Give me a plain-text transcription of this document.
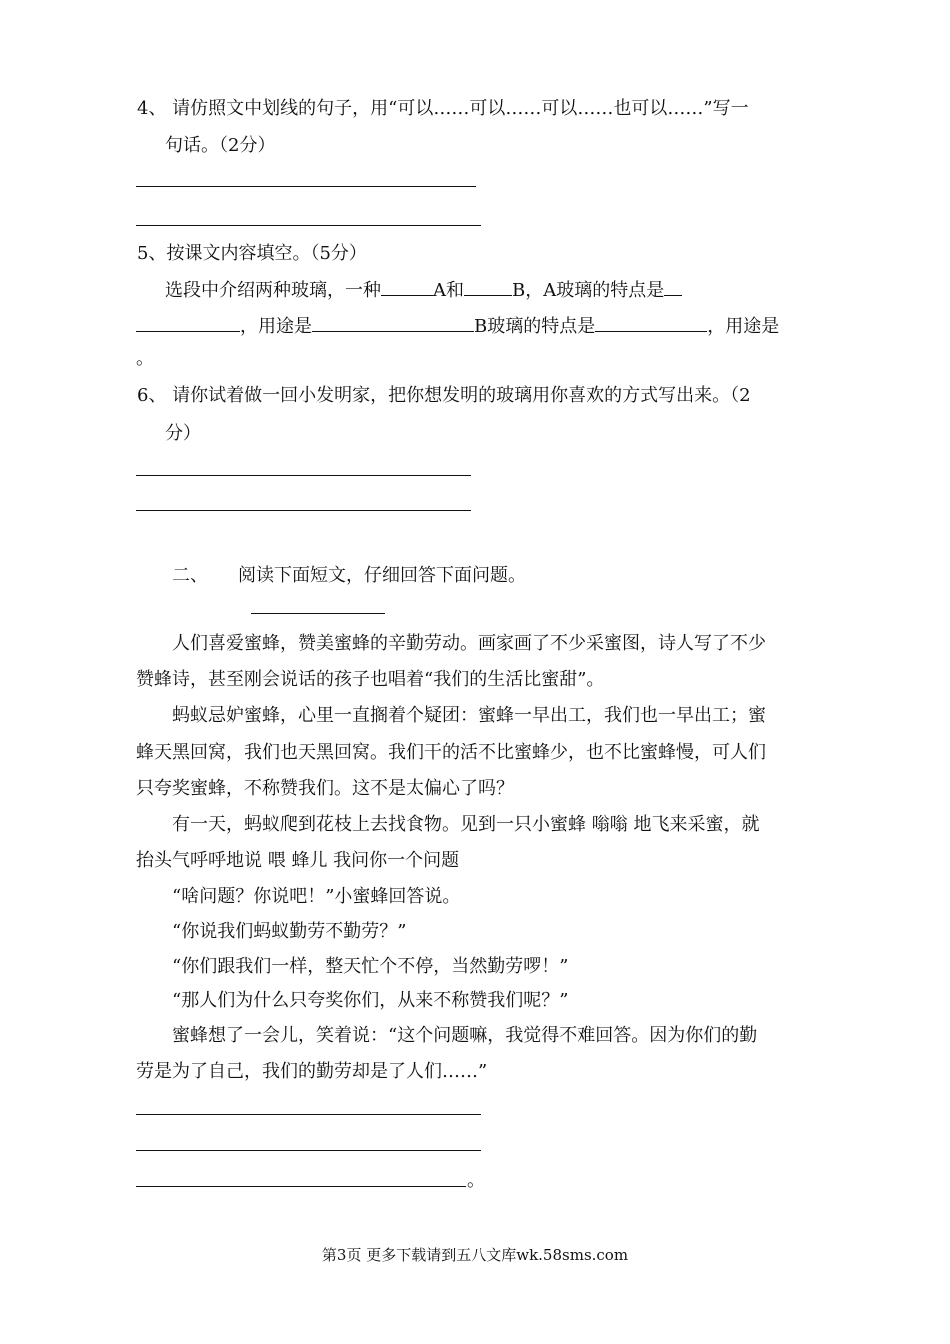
4、 请仿照文中划线的句子，用“可以……可以……可以……也可以……”写一
句话。（2分）
5、按课文内容填空。（5分）
选段中介绍两种玻璃，一种	A和	B，A玻璃的特点是
，用途是	B玻璃的特点是	，用途是
。
6、 请你试着做一回小发明家，把你想发明的玻璃用你喜欢的方式写出来。（2
分）
二、 阅读下面短文，仔细回答下面问题。
人们喜爱蜜蜂，赞美蜜蜂的辛勤劳动。画家画了不少采蜜图，诗人写了不少
赞蜂诗，甚至刚会说话的孩子也唱着“我们的生活比蜜甜”。
蚂蚁忌妒蜜蜂，心里一直搁着个疑团：蜜蜂一早出工，我们也一早出工；蜜
蜂天黑回窝，我们也天黑回窝。我们干的活不比蜜蜂少，也不比蜜蜂慢，可人们
只夸奖蜜蜂，不称赞我们。这不是太偏心了吗？
有一天，蚂蚁爬到花枝上去找食物。见到一只小蜜蜂 嗡嗡 地飞来采蜜，就
抬头气呼呼地说 喂 蜂儿 我问你一个问题
“啥问题？你说吧！”小蜜蜂回答说。
“你说我们蚂蚁勤劳不勤劳？”
“你们跟我们一样，整天忙个不停，当然勤劳啰！”
“那人们为什么只夸奖你们，从来不称赞我们呢？”
蜜蜂想了一会儿，笑着说：“这个问题嘛，我觉得不难回答。因为你们的勤
劳是为了自己，我们的勤劳却是了人们……”
。
第3页 更多下载请到五八文库wk.58sms.com
